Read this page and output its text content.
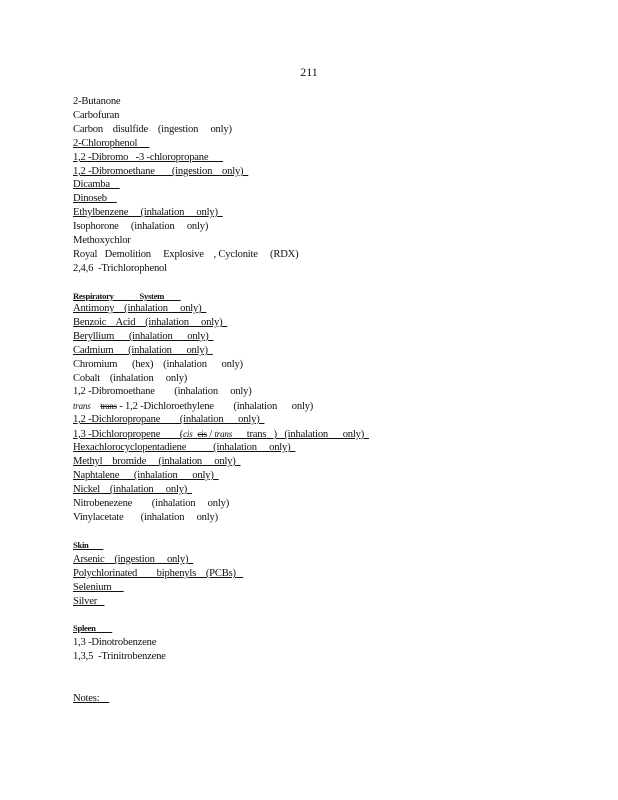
211
2-Butanone
Carbofuran
Carbon    disulfide    (ingestion     only)
2-Chlorophenol
1,2 -Dibromo   -3 -chloropropane
1,2 -Dibromoethane       (ingestion    only)
Dicamba
Dinoseb
Ethylbenzene     (inhalation     only)
Isophorone     (inhalation     only)
Methoxychlor
Royal   Demolition     Explosive    , Cyclonite     (RDX)
2,4,6  -Trichlorophenol
Respiratory              System
Antimony    (inhalation     only)
Benzoic    Acid    (inhalation     only)
Beryllium      (inhalation      only)
Cadmium      (inhalation      only)
Chromium      (hex)    (inhalation      only)
Cobalt    (inhalation     only)
1,2 -Dibromoethane        (inhalation     only)
1,2 -Dichloropropane        (inhalation      only)
Hexachlorocyclopentadiene           (inhalation     only)
Methyl    bromide     (inhalation     only)
Naphtalene      (inhalation      only)
Nickel    (inhalation     only)
Nitrobenezene        (inhalation     only)
Vinylacetate       (inhalation     only)
trans trans - 1,2 -Dichloroethylene        (inhalation      only)
1,3 -Dichloropropene        (cis cis / trans      trans   )   (inhalation      only)
Skin
Arsenic    (ingestion     only)
Polychlorinated        biphenyls    (PCBs)
Selenium
Silver
Spleen
1,3 -Dinotrobenzene
1,3,5  -Trinitrobenzene
Notes:
